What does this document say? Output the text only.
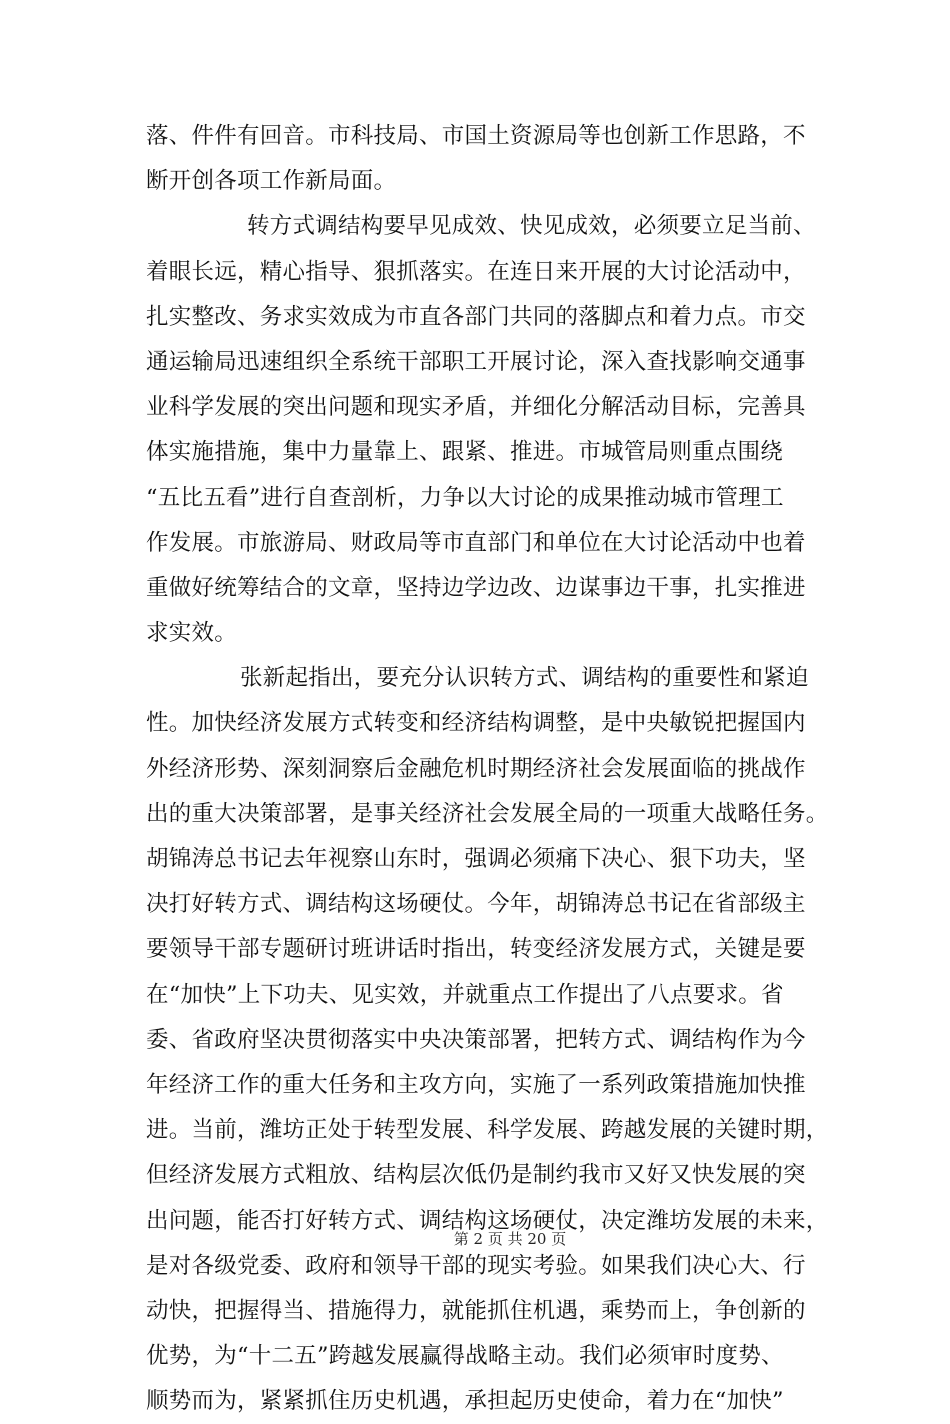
落、件件有回音。市科技局、市国土资源局等也创新工作思路，不
断开创各项工作新局面。
转方式调结构要早见成效、快见成效，必须要立足当前、
着眼长远，精心指导、狠抓落实。在连日来开展的大讨论活动中，
扎实整改、务求实效成为市直各部门共同的落脚点和着力点。市交
通运输局迅速组织全系统干部职工开展讨论，深入查找影响交通事
业科学发展的突出问题和现实矛盾，并细化分解活动目标，完善具
体实施措施，集中力量靠上、跟紧、推进。市城管局则重点围绕
“五比五看”进行自查剖析，力争以大讨论的成果推动城市管理工
作发展。市旅游局、财政局等市直部门和单位在大讨论活动中也着
重做好统筹结合的文章，坚持边学边改、边谋事边干事，扎实推进
求实效。
张新起指出，要充分认识转方式、调结构的重要性和紧迫
性。加快经济发展方式转变和经济结构调整，是中央敏锐把握国内
外经济形势、深刻洞察后金融危机时期经济社会发展面临的挑战作
出的重大决策部署，是事关经济社会发展全局的一项重大战略任务。
胡锦涛总书记去年视察山东时，强调必须痛下决心、狠下功夫，坚
决打好转方式、调结构这场硬仗。今年，胡锦涛总书记在省部级主
要领导干部专题研讨班讲话时指出，转变经济发展方式，关键是要
在“加快”上下功夫、见实效，并就重点工作提出了八点要求。省
委、省政府坚决贯彻落实中央决策部署，把转方式、调结构作为今
年经济工作的重大任务和主攻方向，实施了一系列政策措施加快推
进。当前，潍坊正处于转型发展、科学发展、跨越发展的关键时期，
但经济发展方式粗放、结构层次低仍是制约我市又好又快发展的突
出问题，能否打好转方式、调结构这场硬仗，决定潍坊发展的未来，
是对各级党委、政府和领导干部的现实考验。如果我们决心大、行
动快，把握得当、措施得力，就能抓住机遇，乘势而上，争创新的
优势，为“十二五”跨越发展赢得战略主动。我们必须审时度势、
顺势而为，紧紧抓住历史机遇，承担起历史使命，着力在“加快”
第 2 页 共 20 页
